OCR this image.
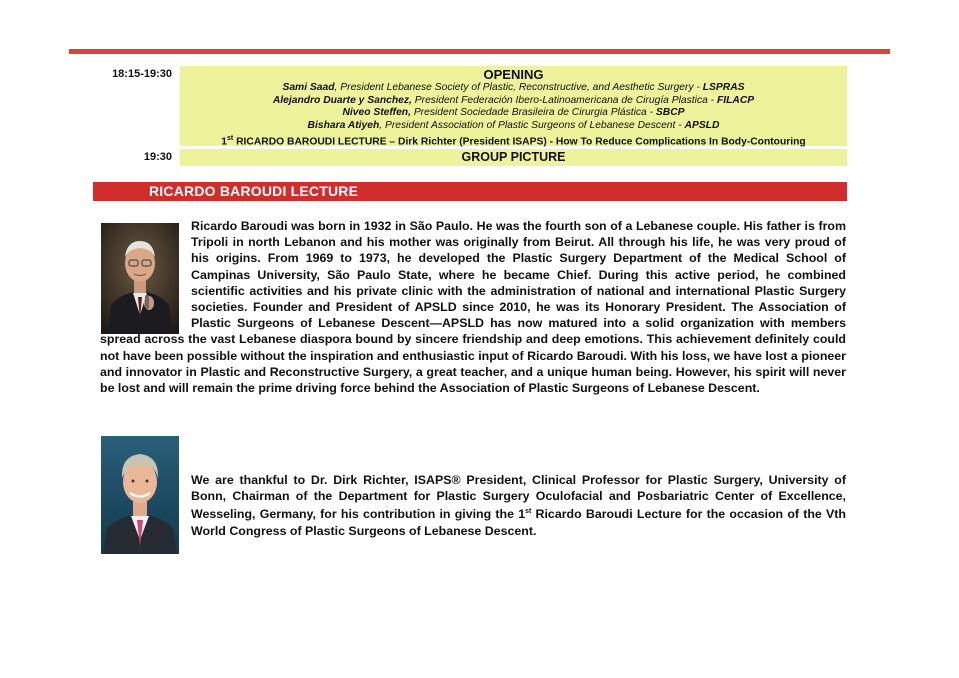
18:15-19:30	OPENING
Sami Saad, President Lebanese Society of Plastic, Reconstructive, and Aesthetic Surgery - LSPRAS
Alejandro Duarte y Sanchez, President Federación Ibero-Latinoamericana de Cirugía Plastica - FILACP
Niveo Steffen, President Sociedade Brasileira de Cirurgia Plástica - SBCP
Bishara Atiyeh, President Association of Plastic Surgeons of Lebanese Descent - APSLD
1st RICARDO BAROUDI LECTURE – Dirk Richter (President ISAPS) - How To Reduce Complications In Body-Contouring
19:30	GROUP PICTURE
RICARDO BAROUDI LECTURE
Ricardo Baroudi was born in 1932 in São Paulo. He was the fourth son of a Lebanese couple. His father is from Tripoli in north Lebanon and his mother was originally from Beirut. All through his life, he was very proud of his origins. From 1969 to 1973, he developed the Plastic Surgery Department of the Medical School of Campinas University, São Paulo State, where he became Chief. During this active period, he combined scientific activities and his private clinic with the administration of national and international Plastic Surgery societies. Founder and President of APSLD since 2010, he was its Honorary President. The Association of Plastic Surgeons of Lebanese Descent—APSLD has now matured into a solid organization with members spread across the vast Lebanese diaspora bound by sincere friendship and deep emotions. This achievement definitely could not have been possible without the inspiration and enthusiastic input of Ricardo Baroudi. With his loss, we have lost a pioneer and innovator in Plastic and Reconstructive Surgery, a great teacher, and a unique human being. However, his spirit will never be lost and will remain the prime driving force behind the Association of Plastic Surgeons of Lebanese Descent.
We are thankful to Dr. Dirk Richter, ISAPS® President, Clinical Professor for Plastic Surgery, University of Bonn, Chairman of the Department for Plastic Surgery Oculofacial and Posbariatric Center of Excellence, Wesseling, Germany, for his contribution in giving the 1st Ricardo Baroudi Lecture for the occasion of the Vth World Congress of Plastic Surgeons of Lebanese Descent.
